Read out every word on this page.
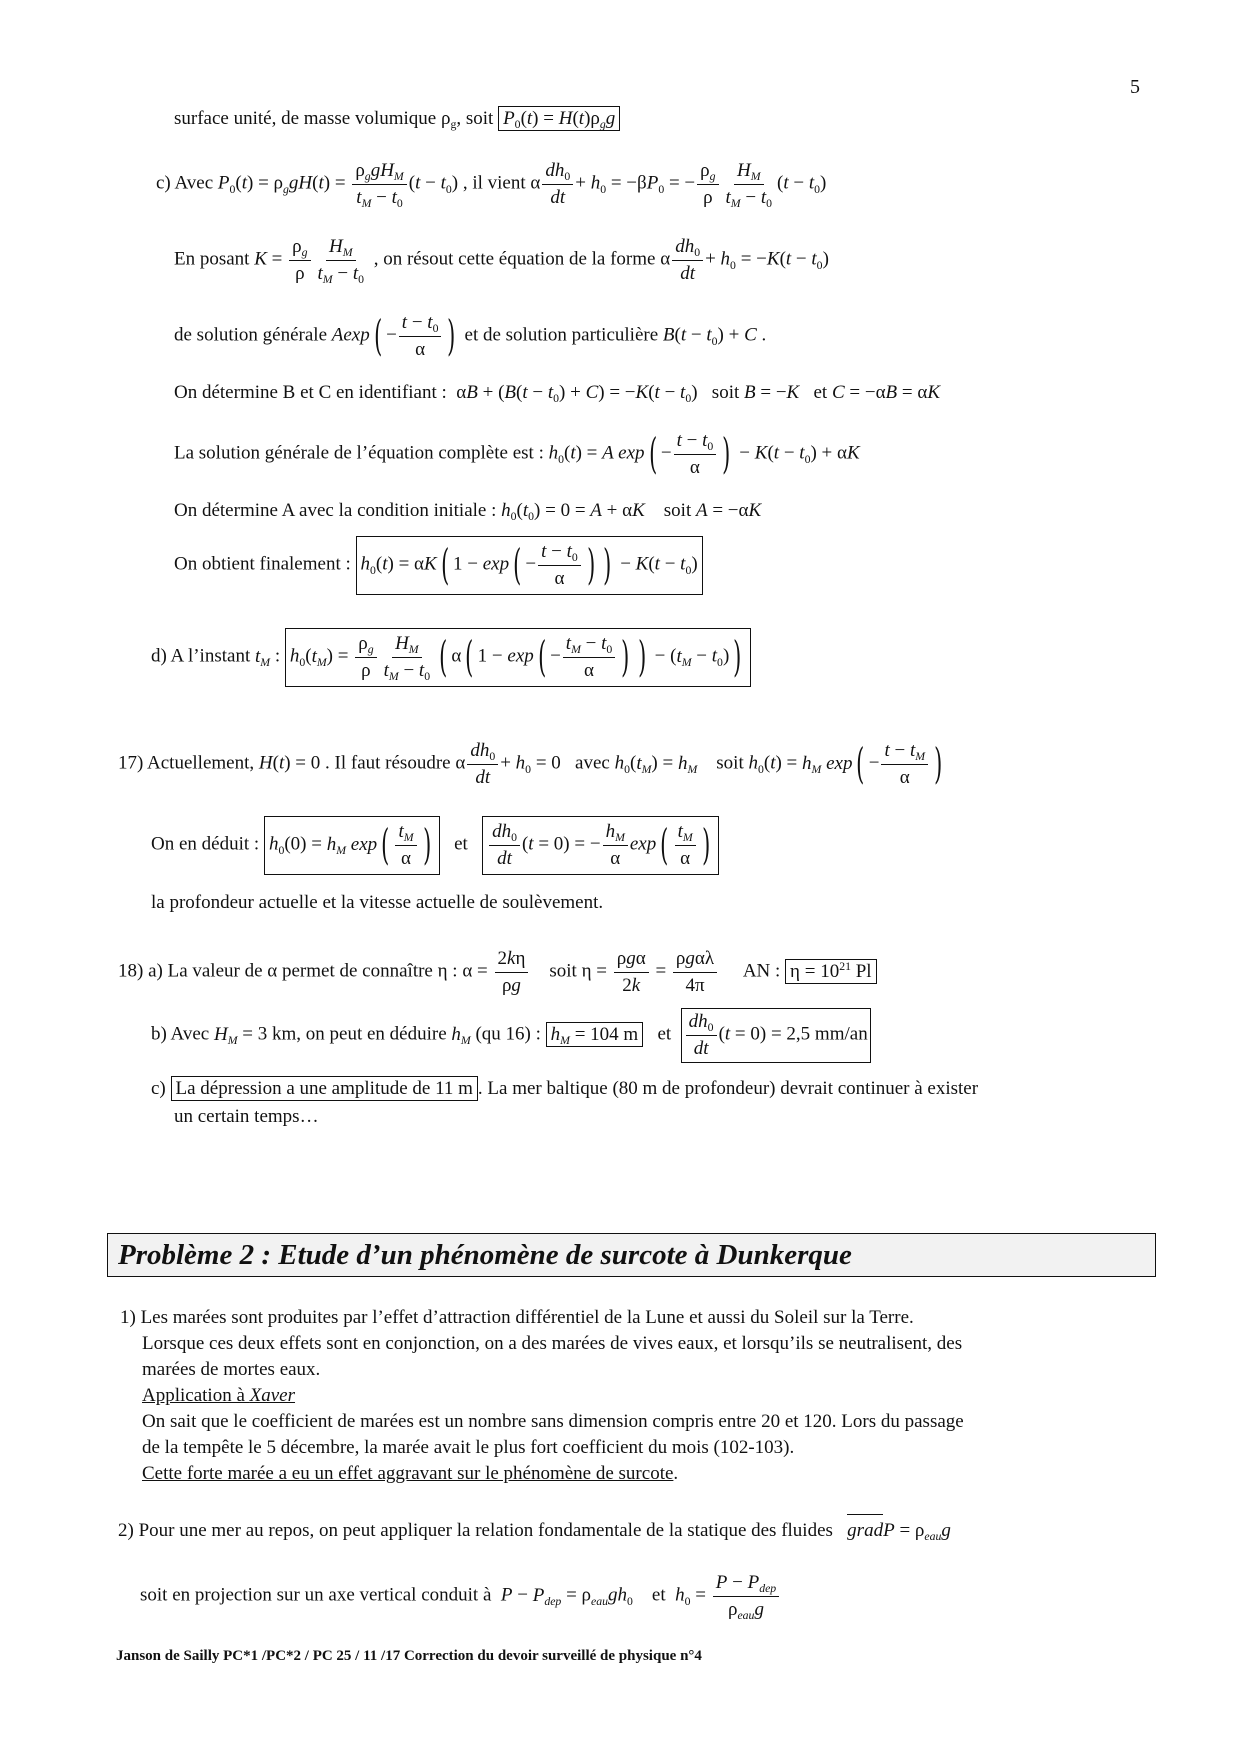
5
surface unité, de masse volumique $\rho_g$, soit $P_0(t) = H(t)\rho_gg$
c) Avec $P_0(t) = \rho_ggH(t) = \frac{\rho_ggH_M}{t_M - t_0} (t - t_0)$ , il vient α $\frac{dh_0}{dt} + h_0 = -\beta P_0$ = − $\frac{\rho_g}{\rho} \frac{H_M}{t_M - t_0} (t - t_0)$
En posant $K = \frac{\rho_g}{\rho} \frac{H_M}{t_M - t_0}$ , on résout cette équation de la forme α $\frac{dh_0}{dt} + h_0 = -K(t - t_0)$
de solution générale $Aexp( - \frac{t - t_0}{\alpha}$ ) et de solution particulière $B(t - t_0) + C$ .
On détermine B et C en identifiant :  $\alpha B + (B(t - t_0) + C) = -K(t - t_0)$   soit B = −K et C = −αB = αK
La solution générale de l’équation complète est : $h_0(t) = A$ $\exp( - \frac{t - t_0}{\alpha}$ ) − $K(t - t_0) + \alpha K$
On détermine A avec la condition initiale : $h_0(t_0) = 0 = A + \alpha K$ soit A = −αK
On obtient finalement : $h_0(t) = \alpha K$( $1 - \exp( - \frac{t - t_0}{\alpha}$ ) ) − $K(t - t_0)$
d) A l’instant $t_M$ : $h_0(t_M) = \frac{\rho_g}{\rho} \frac{H_M}{t_M - t_0}$ ( α( $1 - \exp( - \frac{t_M - t_0}{\alpha}$ ) ) − $(t_M - t_0)$)
17) Actuellement, H(t) = 0 . Il faut résoudre α $\frac{dh_0}{dt} + h_0 = 0$   avec $h_0(t_M) = h_M$ soit $h_0(t) = h_M$ $\exp( - \frac{t - t_M}{\alpha}$ )
On en déduit : $h_0(0) = h_M$ $\exp( \frac{t_M}{\alpha}$ ) et $\frac{dh_0}{dt} (t = 0)$ = − $\frac{h_M}{\alpha} \exp( \frac{t_M}{\alpha}$ )
la profondeur actuelle et la vitesse actuelle de soulèvement.
18) a) La valeur de α permet de connaître η : $\alpha = \frac{2k\eta}{\rho g}$ soit $\eta = \frac{\text{ρgα}}{2k} = \frac{\text{ρgαλ}}{4\pi}$ AN : $\eta = 10^{21}$ Pl
b) Avec $H_M = 3$ km, on peut en déduire $h_M$ (qu 16) : $h_M = 104$ m et $\frac{dh_0}{dt} (t = 0) = 2,5$ mm/an
c) La dépression a une amplitude de 11 m . La mer baltique (80 m de profondeur) devrait continuer à exister
un certain temps…
Problème 2 : Etude d’un phénomène de surcote à Dunkerque

1) Les marées sont produites par l’effet d’attraction différentiel de la Lune et aussi du Soleil sur la Terre.

Lorsque ces deux effets sont en conjonction, on a des marées de vives eaux, et lorsqu’ils se neutralisent, des

marées de mortes eaux.

Application à Xaver

On sait que le coefficient de marées est un nombre sans dimension compris entre 20 et 120. Lors du passage

de la tempête le 5 décembre, la marée avait le plus fort coefficient du mois (102-103).

Cette forte marée a eu un effet aggravant sur le phénomène de surcote.

2) Pour une mer au repos, on peut appliquer la relation fondamentale de la statique des fluides gradP = $\rho_{eau}g$
soit en projection sur un axe vertical conduit à $P - P_{dep} = \rho_{eau}gh_0$ et $h_0 = \frac{P - P_{dep}}{\rho_{eau}g}$
Janson de Sailly PC*1 /PC*2 / PC 25 / 11 /17 Correction du devoir surveillé de physique n°4
